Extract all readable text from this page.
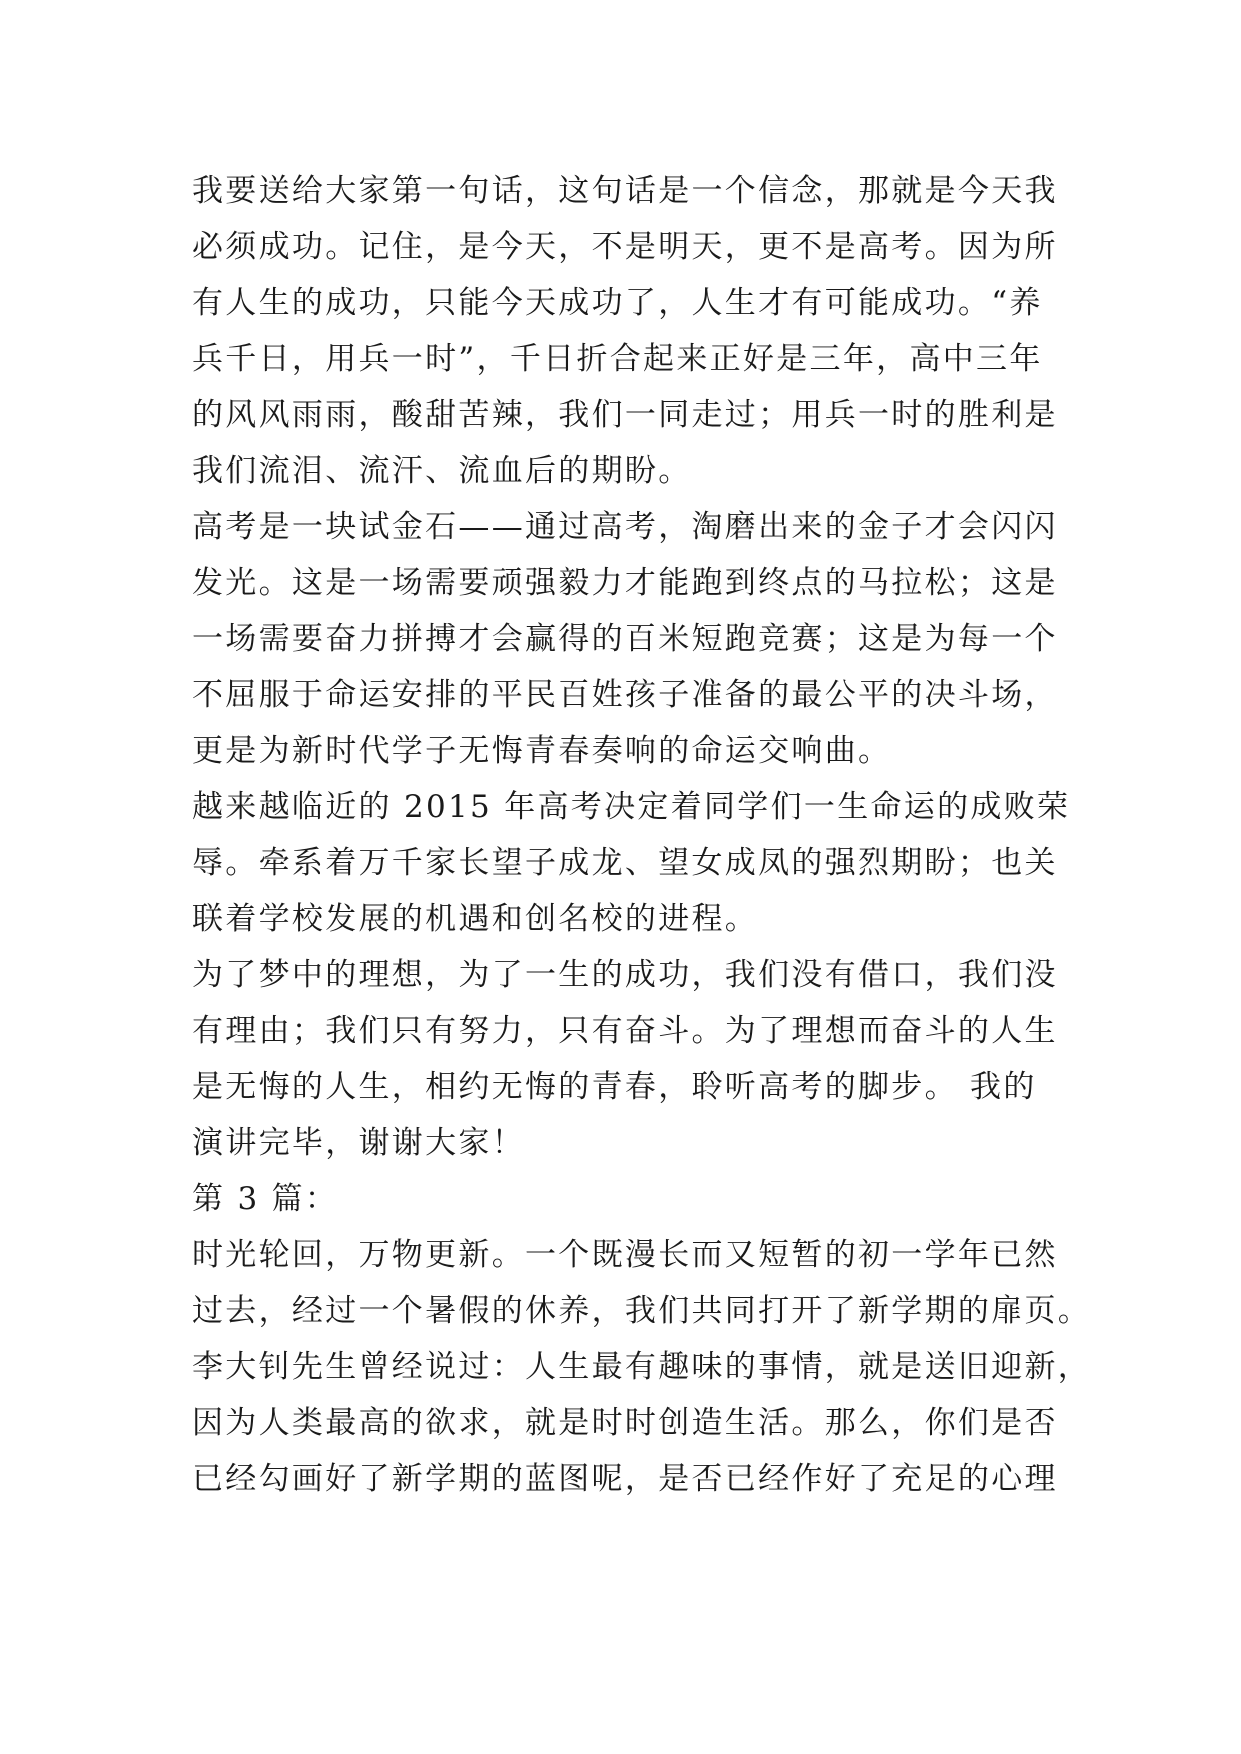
我要送给大家第一句话，这句话是一个信念，那就是今天我
必须成功。记住，是今天，不是明天，更不是高考。因为所
有人生的成功，只能今天成功了，人生才有可能成功。“养
兵千日，用兵一时”，千日折合起来正好是三年，高中三年
的风风雨雨，酸甜苦辣，我们一同走过；用兵一时的胜利是
我们流泪、流汗、流血后的期盼。
高考是一块试金石——通过高考，淘磨出来的金子才会闪闪
发光。这是一场需要顽强毅力才能跑到终点的马拉松；这是
一场需要奋力拼搏才会赢得的百米短跑竞赛；这是为每一个
不屈服于命运安排的平民百姓孩子准备的最公平的决斗场，
更是为新时代学子无悔青春奏响的命运交响曲。
越来越临近的 2015 年高考决定着同学们一生命运的成败荣
辱。牵系着万千家长望子成龙、望女成凤的强烈期盼；也关
联着学校发展的机遇和创名校的进程。
为了梦中的理想，为了一生的成功，我们没有借口，我们没
有理由；我们只有努力，只有奋斗。为了理想而奋斗的人生
是无悔的人生，相约无悔的青春，聆听高考的脚步。 我的
演讲完毕，谢谢大家！
第 3 篇：
时光轮回，万物更新。一个既漫长而又短暂的初一学年已然
过去，经过一个暑假的休养，我们共同打开了新学期的扉页。
李大钊先生曾经说过：人生最有趣味的事情，就是送旧迎新，
因为人类最高的欲求，就是时时创造生活。那么，你们是否
已经勾画好了新学期的蓝图呢，是否已经作好了充足的心理
